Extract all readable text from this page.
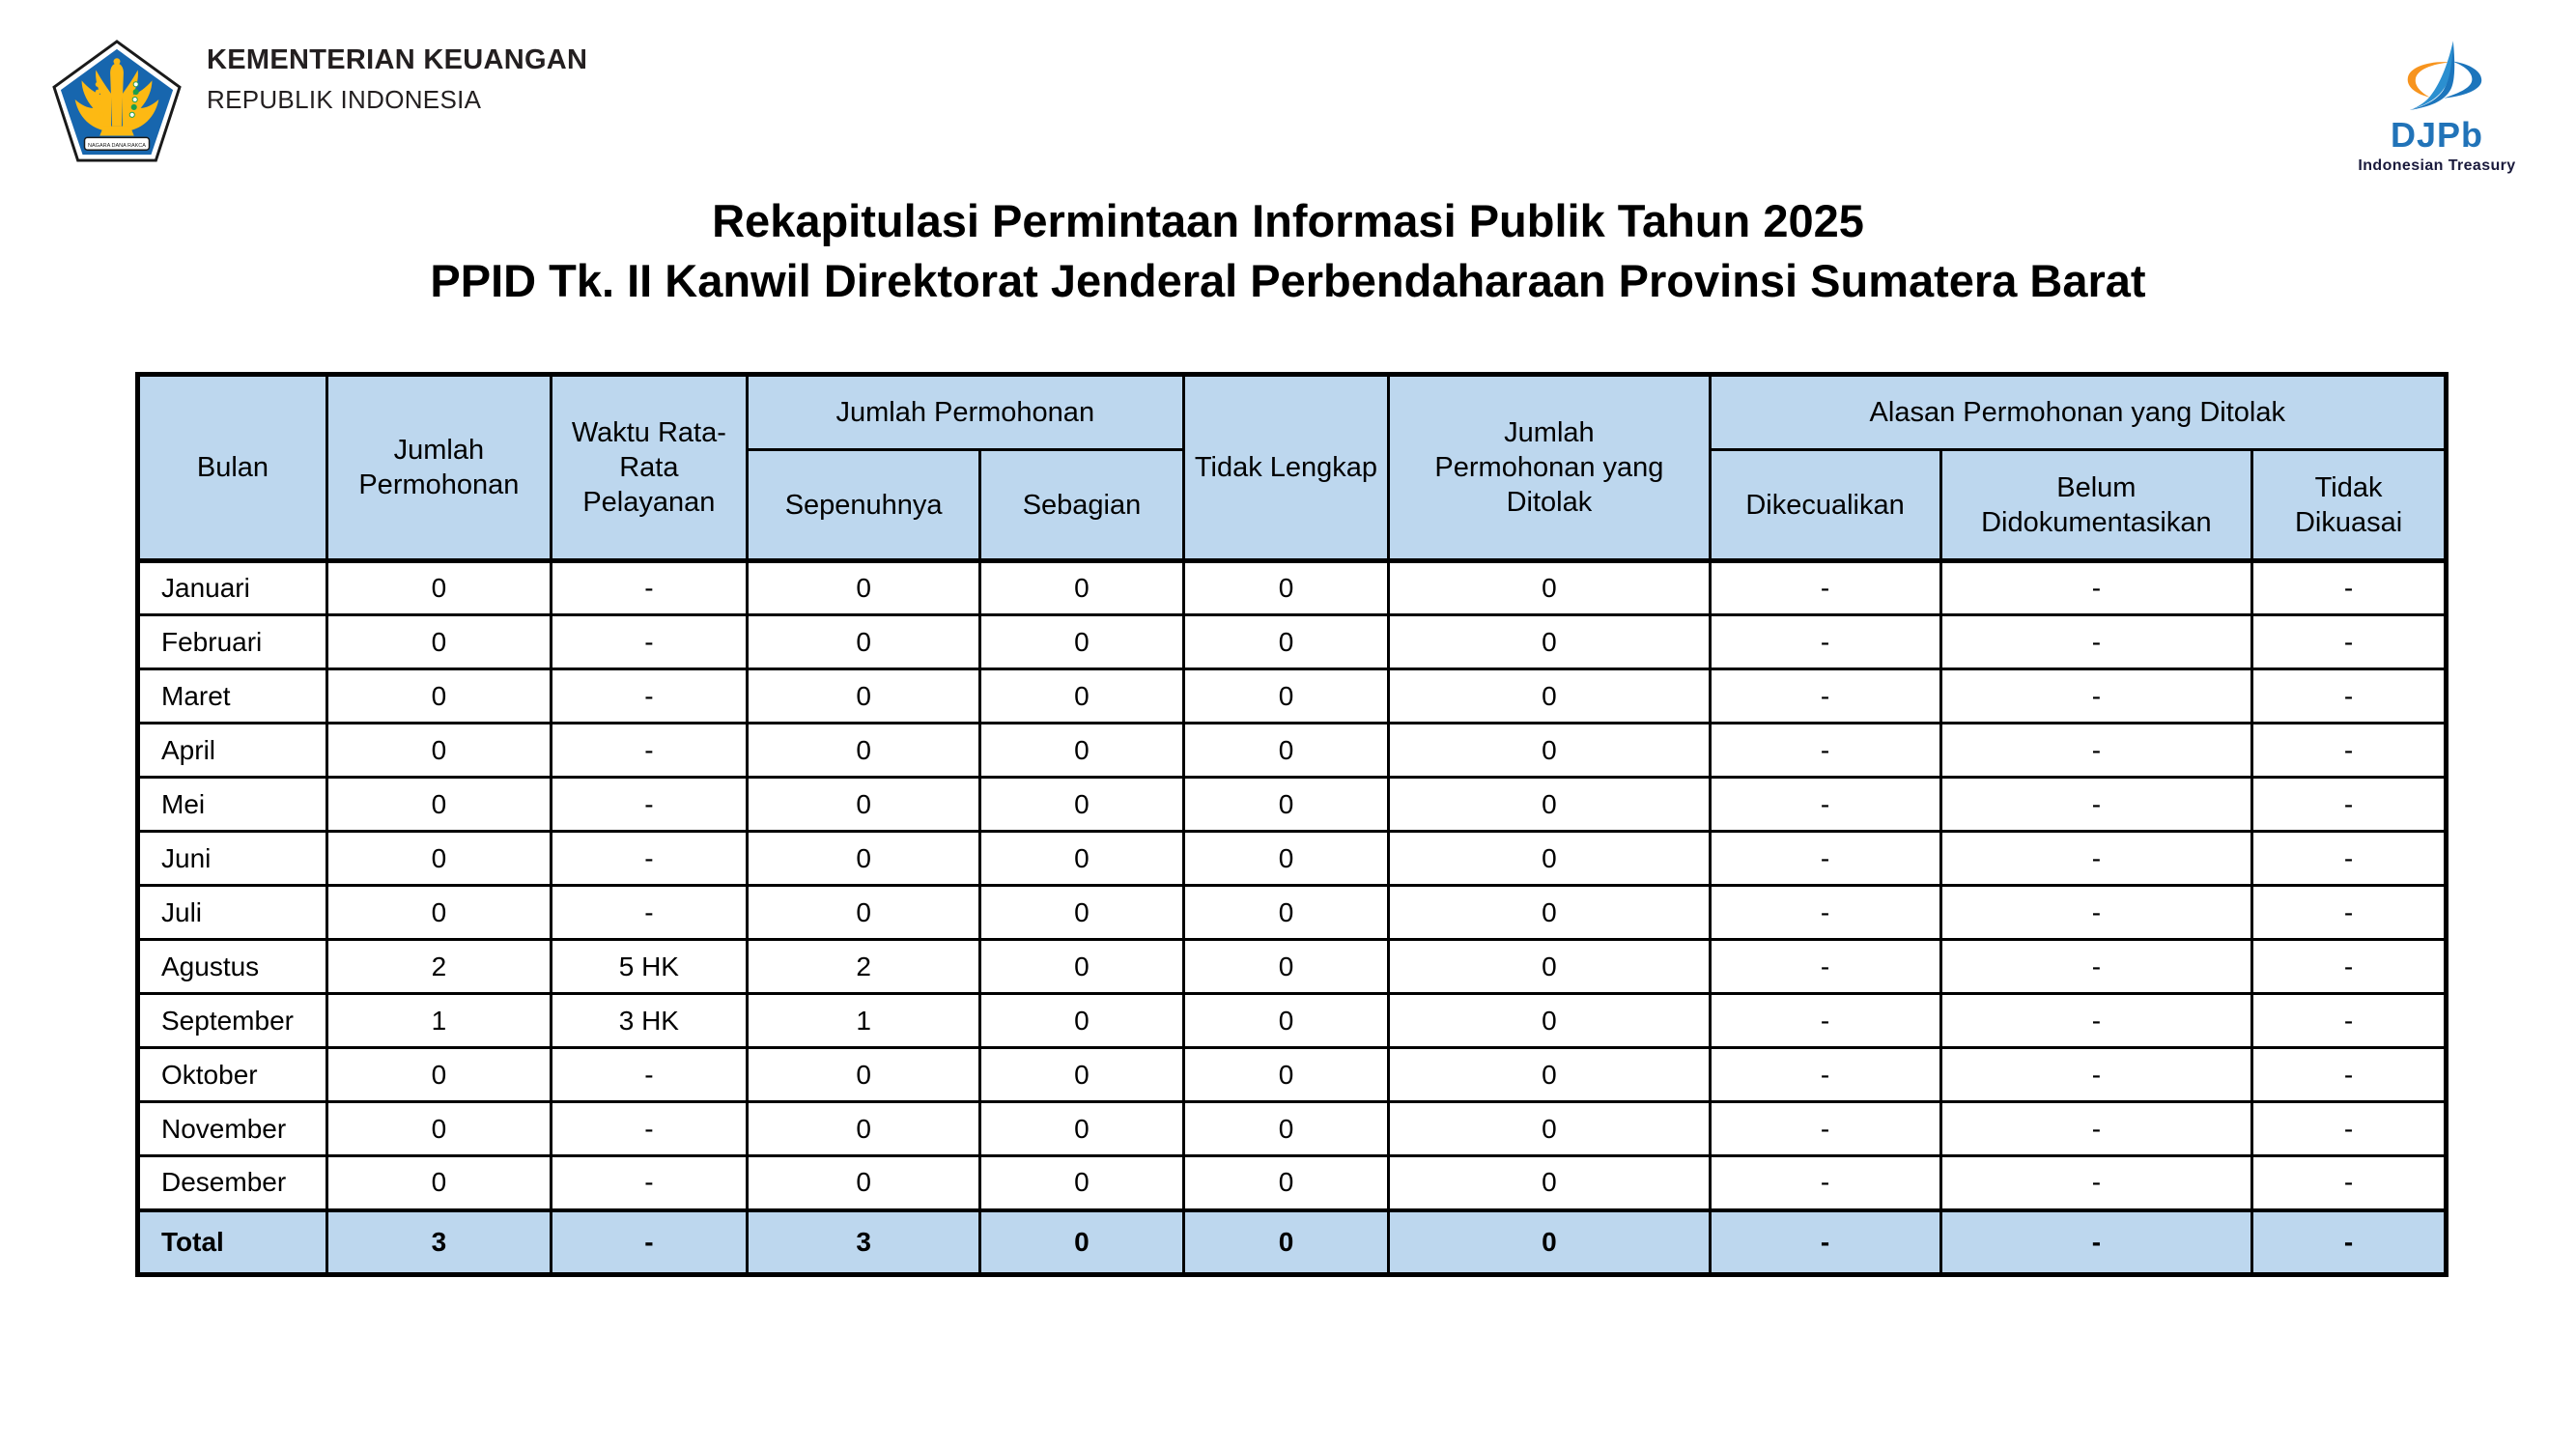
NAGARA DANA RAKCA
KEMENTERIAN KEUANGAN
REPUBLIK INDONESIA
DJPb
Indonesian Treasury
Rekapitulasi Permintaan Informasi Publik Tahun 2025
PPID Tk. II Kanwil Direktorat Jenderal Perbendaharaan Provinsi Sumatera Barat
Bulan	Jumlah Permohonan	Waktu Rata-Rata Pelayanan	Jumlah Permohonan		Tidak Lengkap	Jumlah Permohonan yang Ditolak	Alasan Permohonan yang Ditolak		
			Sepenuhnya	Sebagian			Dikecualikan	Belum Didokumentasikan	Tidak Dikuasai
Januari	0	-	0	0	0	0	-	-	-
Februari	0	-	0	0	0	0	-	-	-
Maret	0	-	0	0	0	0	-	-	-
April	0	-	0	0	0	0	-	-	-
Mei	0	-	0	0	0	0	-	-	-
Juni	0	-	0	0	0	0	-	-	-
Juli	0	-	0	0	0	0	-	-	-
Agustus	2	5 HK	2	0	0	0	-	-	-
September	1	3 HK	1	0	0	0	-	-	-
Oktober	0	-	0	0	0	0	-	-	-
November	0	-	0	0	0	0	-	-	-
Desember	0	-	0	0	0	0	-	-	-
Total	3	-	3	0	0	0	-	-	-
